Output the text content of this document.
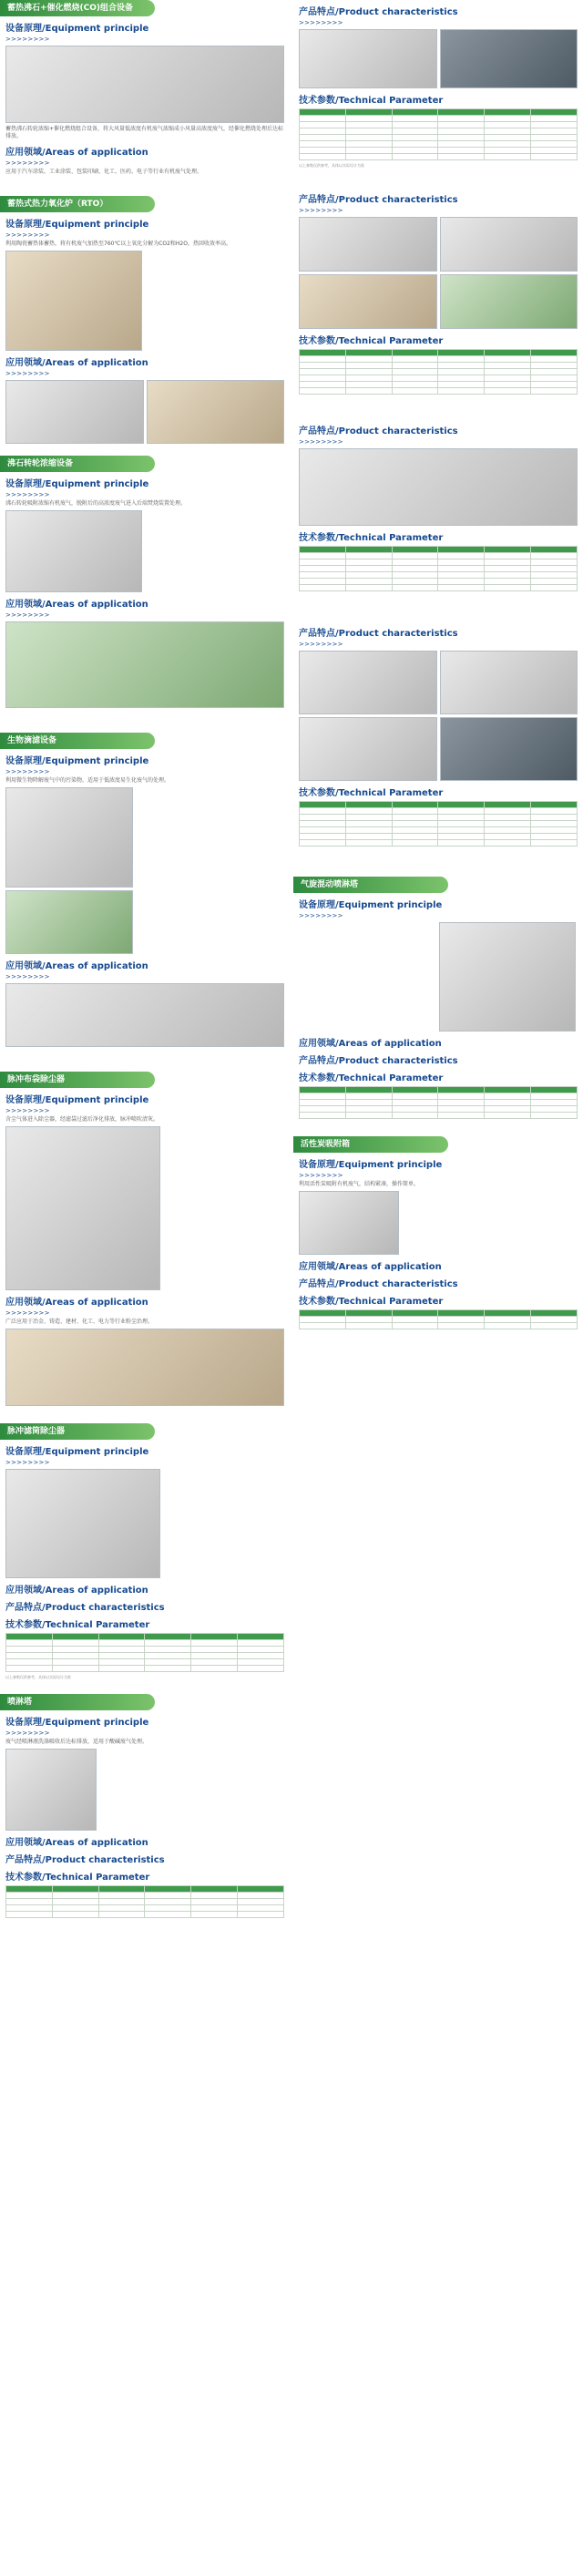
蓄热沸石+催化燃烧(CO)组合设备
设备原理/Equipment principle
> > > > > > > >
蓄热沸石转轮浓缩+催化燃烧组合设备，将大风量低浓度有机废气浓缩成小风量高浓度废气，经催化燃烧处理后达标排放。
应用领域/Areas of application
> > > > > > > >
应用于汽车涂装、工业涂装、包装印刷、化工、医药、电子等行业有机废气处理。
蓄热式热力氧化炉（RTO）
设备原理/Equipment principle
> > > > > > > >
利用陶瓷蓄热体蓄热，将有机废气加热至760℃以上氧化分解为CO2和H2O，热回收效率高。
应用领域/Areas of application
> > > > > > > >
沸石转轮浓缩设备
设备原理/Equipment principle
> > > > > > > >
沸石转轮吸附浓缩有机废气，脱附后的高浓度废气进入后端焚烧装置处理。
应用领域/Areas of application
> > > > > > > >
生物滴滤设备
设备原理/Equipment principle
> > > > > > > >
利用微生物降解废气中的污染物，适用于低浓度易生化废气的处理。
应用领域/Areas of application
> > > > > > > >
脉冲布袋除尘器
设备原理/Equipment principle
> > > > > > > >
含尘气体进入除尘器，经滤袋过滤后净化排放，脉冲喷吹清灰。
应用领域/Areas of application
> > > > > > > >
广泛应用于冶金、铸造、建材、化工、电力等行业粉尘治理。
脉冲滤筒除尘器
设备原理/Equipment principle
> > > > > > > >
应用领域/Areas of application
产品特点/Product characteristics
技术参数/Technical Parameter

以上参数仅供参考，具体以实际设计为准
喷淋塔
设备原理/Equipment principle
> > > > > > > >
废气经喷淋液洗涤吸收后达标排放，适用于酸碱废气处理。
应用领域/Areas of application
产品特点/Product characteristics
技术参数/Technical Parameter

产品特点/Product characteristics
> > > > > > > >
技术参数/Technical Parameter

以上参数仅供参考，具体以实际设计为准
产品特点/Product characteristics
> > > > > > > >
技术参数/Technical Parameter

产品特点/Product characteristics
> > > > > > > >
技术参数/Technical Parameter

产品特点/Product characteristics
> > > > > > > >
技术参数/Technical Parameter

气旋混动喷淋塔
设备原理/Equipment principle
> > > > > > > >
应用领域/Areas of application
产品特点/Product characteristics
技术参数/Technical Parameter

活性炭吸附箱
设备原理/Equipment principle
> > > > > > > >
利用活性炭吸附有机废气，结构紧凑，操作简单。
应用领域/Areas of application
产品特点/Product characteristics
技术参数/Technical Parameter
